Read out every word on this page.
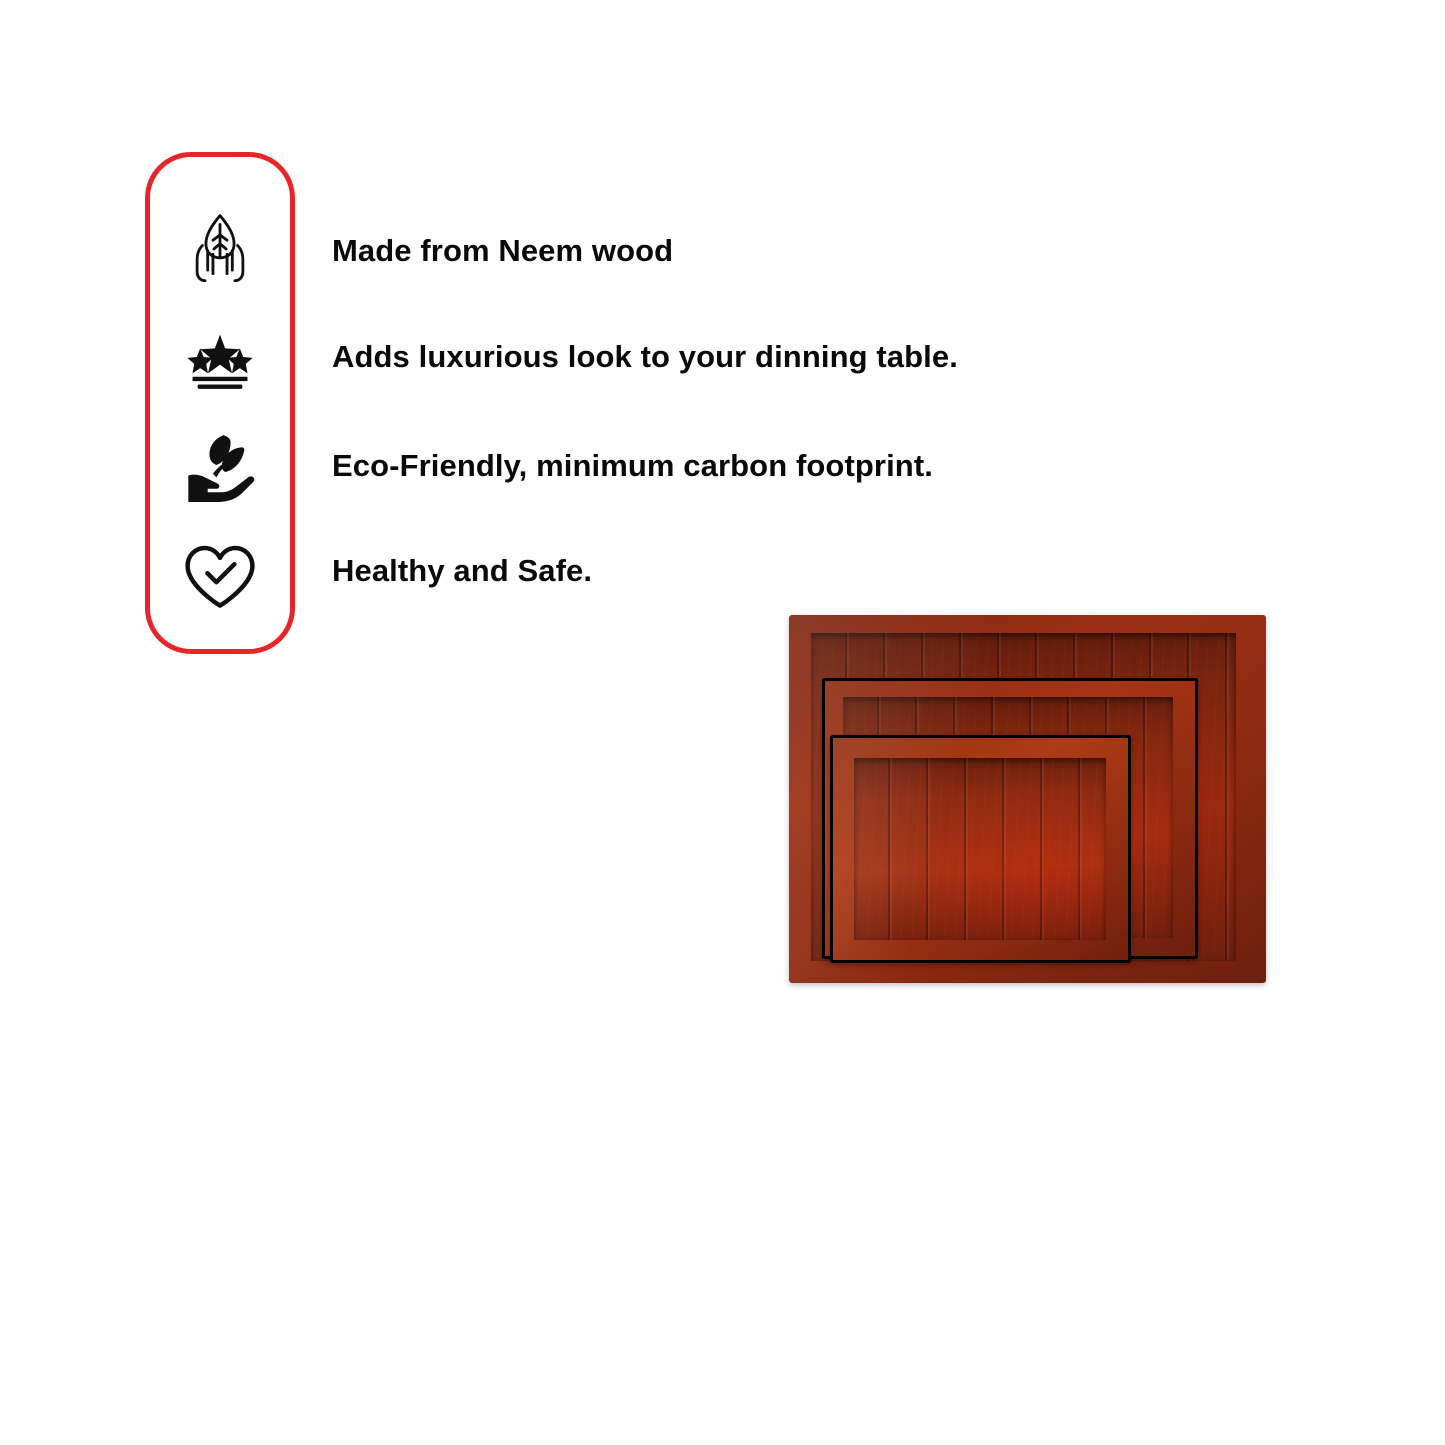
Made from Neem wood
Adds luxurious look to your dinning table.
Eco-Friendly, minimum carbon footprint.
Healthy and Safe.
